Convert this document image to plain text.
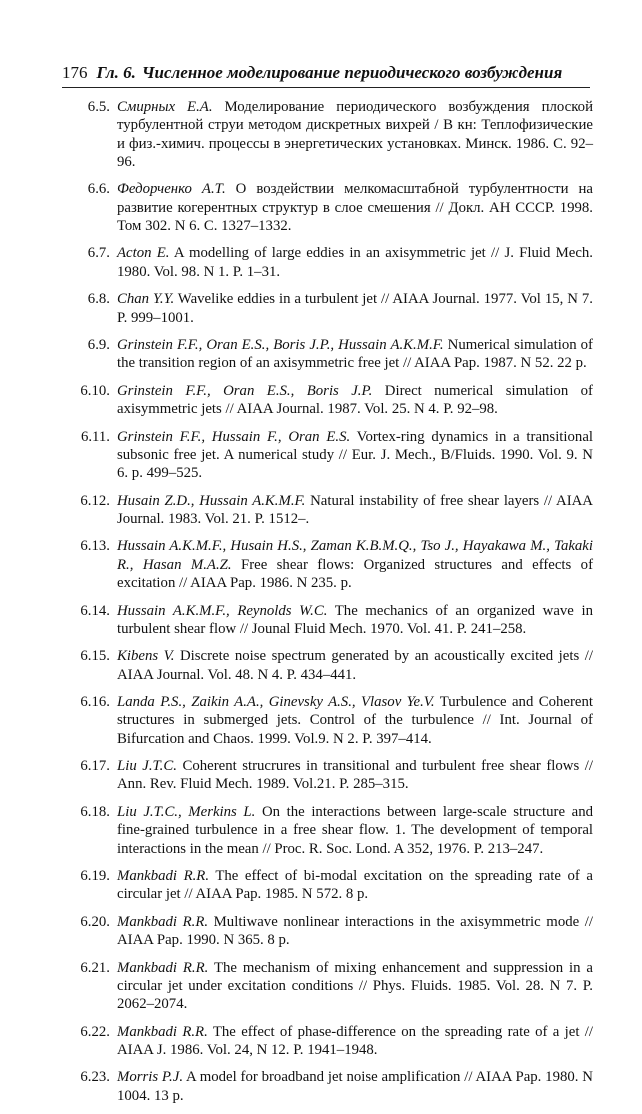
176 Гл. 6. Численное моделирование периодического возбуждения
6.5. Смирных Е.А. Моделирование периодического возбуждения плоской турбулентной струи методом дискретных вихрей / В кн: Теплофизические и физ.-химич. процессы в энергетических установках. Минск. 1986. С. 92–96.
6.6. Федорченко А.Т. О воздействии мелкомасштабной турбулентности на развитие когерентных структур в слое смешения // Докл. АН СССР. 1998. Том 302. N 6. С. 1327–1332.
6.7. Acton E. A modelling of large eddies in an axisymmetric jet // J. Fluid Mech. 1980. Vol. 98. N 1. P. 1–31.
6.8. Chan Y.Y. Wavelike eddies in a turbulent jet // AIAA Journal. 1977. Vol 15, N 7. P. 999–1001.
6.9. Grinstein F.F., Oran E.S., Boris J.P., Hussain A.K.M.F. Numerical simulation of the transition region of an axisymmetric free jet // AIAA Pap. 1987. N 52. 22 p.
6.10. Grinstein F.F., Oran E.S., Boris J.P. Direct numerical simulation of axisymmetric jets // AIAA Journal. 1987. Vol. 25. N 4. P. 92–98.
6.11. Grinstein F.F., Hussain F., Oran E.S. Vortex-ring dynamics in a transitional subsonic free jet. A numerical study // Eur. J. Mech., B/Fluids. 1990. Vol. 9. N 6. p. 499–525.
6.12. Husain Z.D., Hussain A.K.M.F. Natural instability of free shear layers // AIAA Journal. 1983. Vol. 21. P. 1512–.
6.13. Hussain A.K.M.F., Husain H.S., Zaman K.B.M.Q., Tso J., Hayakawa M., Takaki R., Hasan M.A.Z. Free shear flows: Organized structures and effects of excitation // AIAA Pap. 1986. N 235. p.
6.14. Hussain A.K.M.F., Reynolds W.C. The mechanics of an organized wave in turbulent shear flow // Jounal Fluid Mech. 1970. Vol. 41. P. 241–258.
6.15. Kibens V. Discrete noise spectrum generated by an acoustically excited jets // AIAA Journal. Vol. 48. N 4. P. 434–441.
6.16. Landa P.S., Zaikin A.A., Ginevsky A.S., Vlasov Ye.V. Turbulence and Coherent structures in submerged jets. Control of the turbulence // Int. Journal of Bifurcation and Chaos. 1999. Vol.9. N 2. P. 397–414.
6.17. Liu J.T.C. Coherent strucrures in transitional and turbulent free shear flows // Ann. Rev. Fluid Mech. 1989. Vol.21. P. 285–315.
6.18. Liu J.T.C., Merkins L. On the interactions between large-scale structure and fine-grained turbulence in a free shear flow. 1. The development of temporal interactions in the mean // Proc. R. Soc. Lond. A 352, 1976. P. 213–247.
6.19. Mankbadi R.R. The effect of bi-modal excitation on the spreading rate of a circular jet // AIAA Pap. 1985. N 572. 8 p.
6.20. Mankbadi R.R. Multiwave nonlinear interactions in the axisymmetric mode // AIAA Pap. 1990. N 365. 8 p.
6.21. Mankbadi R.R. The mechanism of mixing enhancement and suppression in a circular jet under excitation conditions // Phys. Fluids. 1985. Vol. 28. N 7. P. 2062–2074.
6.22. Mankbadi R.R. The effect of phase-difference on the spreading rate of a jet // AIAA J. 1986. Vol. 24, N 12. P. 1941–1948.
6.23. Morris P.J. A model for broadband jet noise amplification // AIAA Pap. 1980. N 1004. 13 p.
